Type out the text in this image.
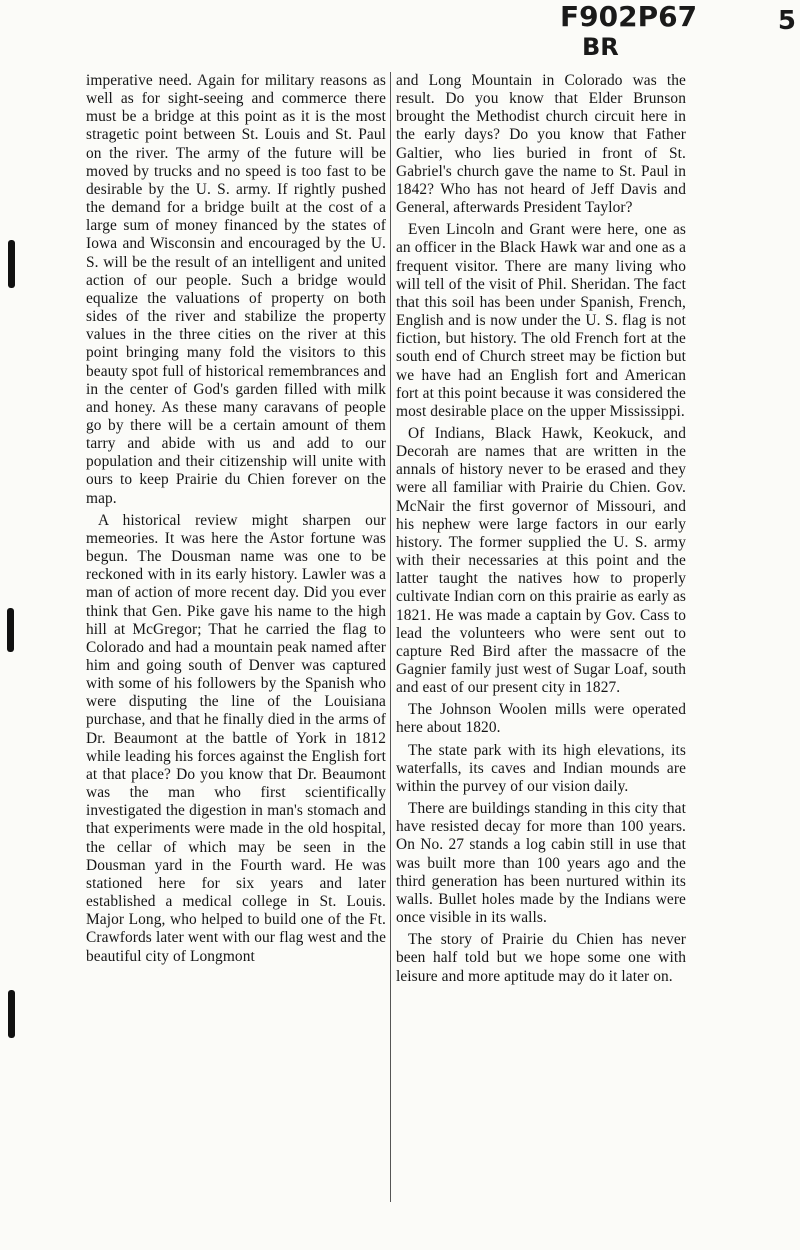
F902P67
BR
5

imperative need. Again for military reasons as well as for sight-seeing and commerce there must be a bridge at this point as it is the most stragetic point between St. Louis and St. Paul on the river. The army of the future will be moved by trucks and no speed is too fast to be desirable by the U. S. army. If rightly pushed the demand for a bridge built at the cost of a large sum of money financed by the states of Iowa and Wisconsin and encouraged by the U. S. will be the result of an intelligent and united action of our people. Such a bridge would equalize the valuations of property on both sides of the river and stabilize the property values in the three cities on the river at this point bringing many fold the visitors to this beauty spot full of historical remembrances and in the center of God's garden filled with milk and honey. As these many caravans of people go by there will be a certain amount of them tarry and abide with us and add to our population and their citizenship will unite with ours to keep Prairie du Chien forever on the map.

A historical review might sharpen our memeories. It was here the Astor fortune was begun. The Dousman name was one to be reckoned with in its early history. Lawler was a man of action of more recent day. Did you ever think that Gen. Pike gave his name to the high hill at McGregor; That he carried the flag to Colorado and had a mountain peak named after him and going south of Denver was captured with some of his followers by the Spanish who were disputing the line of the Louisiana purchase, and that he finally died in the arms of Dr. Beaumont at the battle of York in 1812 while leading his forces against the English fort at that place? Do you know that Dr. Beaumont was the man who first scientifically investigated the digestion in man's stomach and that experiments were made in the old hospital, the cellar of which may be seen in the Dousman yard in the Fourth ward. He was stationed here for six years and later established a medical college in St. Louis. Major Long, who helped to build one of the Ft. Crawfords later went with our flag west and the beautiful city of Longmont

and Long Mountain in Colorado was the result. Do you know that Elder Brunson brought the Methodist church circuit here in the early days? Do you know that Father Galtier, who lies buried in front of St. Gabriel's church gave the name to St. Paul in 1842? Who has not heard of Jeff Davis and General, afterwards President Taylor?

Even Lincoln and Grant were here, one as an officer in the Black Hawk war and one as a frequent visitor. There are many living who will tell of the visit of Phil. Sheridan. The fact that this soil has been under Spanish, French, English and is now under the U. S. flag is not fiction, but history. The old French fort at the south end of Church street may be fiction but we have had an English fort and American fort at this point because it was considered the most desirable place on the upper Mississippi.

Of Indians, Black Hawk, Keokuck, and Decorah are names that are written in the annals of history never to be erased and they were all familiar with Prairie du Chien. Gov. McNair the first governor of Missouri, and his nephew were large factors in our early history. The former supplied the U. S. army with their necessaries at this point and the latter taught the natives how to properly cultivate Indian corn on this prairie as early as 1821. He was made a captain by Gov. Cass to lead the volunteers who were sent out to capture Red Bird after the massacre of the Gagnier family just west of Sugar Loaf, south and east of our present city in 1827.

The Johnson Woolen mills were operated here about 1820.

The state park with its high elevations, its waterfalls, its caves and Indian mounds are within the purvey of our vision daily.

There are buildings standing in this city that have resisted decay for more than 100 years. On No. 27 stands a log cabin still in use that was built more than 100 years ago and the third generation has been nurtured within its walls. Bullet holes made by the Indians were once visible in its walls.

The story of Prairie du Chien has never been half told but we hope some one with leisure and more aptitude may do it later on.
